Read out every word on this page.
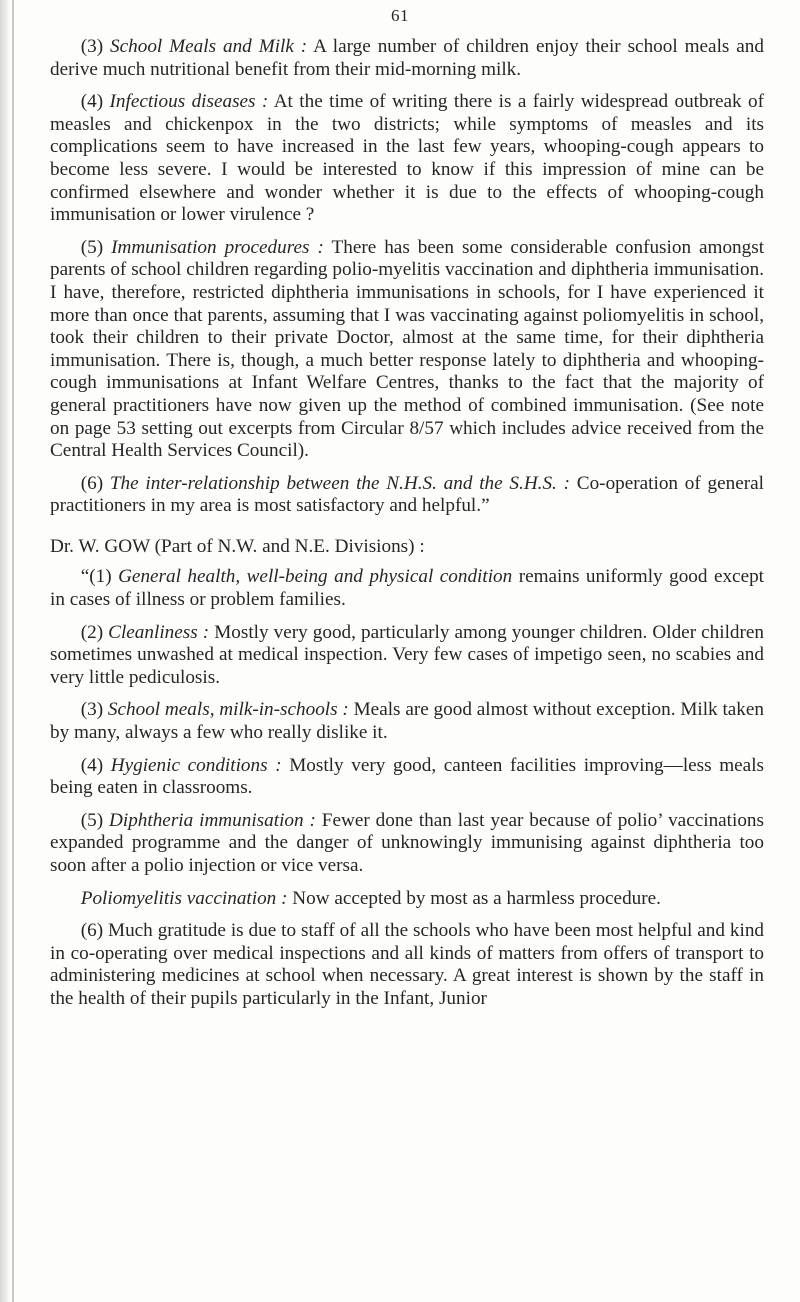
61

(3) School Meals and Milk : A large number of children enjoy their school meals and derive much nutritional benefit from their mid-morning milk.

(4) Infectious diseases : At the time of writing there is a fairly widespread outbreak of measles and chickenpox in the two districts; while symptoms of measles and its complications seem to have increased in the last few years, whooping-cough appears to become less severe. I would be interested to know if this impression of mine can be confirmed elsewhere and wonder whether it is due to the effects of whooping-cough immunisation or lower virulence ?

(5) Immunisation procedures : There has been some considerable confusion amongst parents of school children regarding polio-myelitis vaccination and diphtheria immunisation. I have, therefore, restricted diphtheria immunisations in schools, for I have experienced it more than once that parents, assuming that I was vaccinating against poliomyelitis in school, took their children to their private Doctor, almost at the same time, for their diphtheria immunisation. There is, though, a much better response lately to diphtheria and whooping-cough immunisations at Infant Welfare Centres, thanks to the fact that the majority of general practitioners have now given up the method of combined immunisation. (See note on page 53 setting out excerpts from Circular 8/57 which includes advice received from the Central Health Services Council).

(6) The inter-relationship between the N.H.S. and the S.H.S. : Co-operation of general practitioners in my area is most satisfactory and helpful.”

Dr. W. GOW (Part of N.W. and N.E. Divisions) :

“(1) General health, well-being and physical condition remains uniformly good except in cases of illness or problem families.

(2) Cleanliness : Mostly very good, particularly among younger children. Older children sometimes unwashed at medical inspection. Very few cases of impetigo seen, no scabies and very little pediculosis.

(3) School meals, milk-in-schools : Meals are good almost without exception. Milk taken by many, always a few who really dislike it.

(4) Hygienic conditions : Mostly very good, canteen facilities improving—less meals being eaten in classrooms.

(5) Diphtheria immunisation : Fewer done than last year because of polio’ vaccinations expanded programme and the danger of unknowingly immunising against diphtheria too soon after a polio injection or vice versa.

Poliomyelitis vaccination : Now accepted by most as a harmless procedure.

(6) Much gratitude is due to staff of all the schools who have been most helpful and kind in co-operating over medical inspections and all kinds of matters from offers of transport to administering medicines at school when necessary. A great interest is shown by the staff in the health of their pupils particularly in the Infant, Junior
